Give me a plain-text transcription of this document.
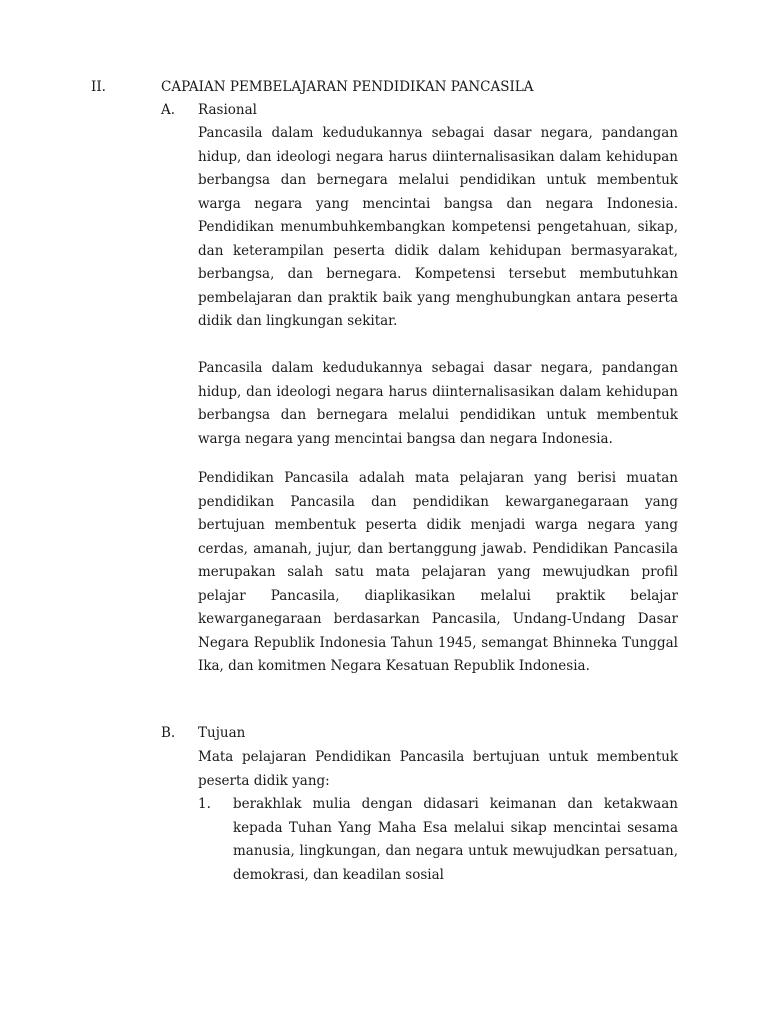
II.	CAPAIAN PEMBELAJARAN PENDIDIKAN PANCASILA
A. Rasional

Pancasila dalam kedudukannya sebagai dasar negara, pandangan hidup, dan ideologi negara harus diinternalisasikan dalam kehidupan berbangsa dan bernegara melalui pendidikan untuk membentuk warga negara yang mencintai bangsa dan negara Indonesia. Pendidikan menumbuhkembangkan kompetensi pengetahuan, sikap, dan keterampilan peserta didik dalam kehidupan bermasyarakat, berbangsa, dan bernegara. Kompetensi tersebut membutuhkan pembelajaran dan praktik baik yang menghubungkan antara peserta didik dan lingkungan sekitar.

Pancasila dalam kedudukannya sebagai dasar negara, pandangan hidup, dan ideologi negara harus diinternalisasikan dalam kehidupan berbangsa dan bernegara melalui pendidikan untuk membentuk warga negara yang mencintai bangsa dan negara Indonesia.

Pendidikan Pancasila adalah mata pelajaran yang berisi muatan pendidikan Pancasila dan pendidikan kewarganegaraan yang bertujuan membentuk peserta didik menjadi warga negara yang cerdas, amanah, jujur, dan bertanggung jawab. Pendidikan Pancasila merupakan salah satu mata pelajaran yang mewujudkan profil pelajar Pancasila, diaplikasikan melalui praktik belajar kewarganegaraan berdasarkan Pancasila, Undang-Undang Dasar Negara Republik Indonesia Tahun 1945, semangat Bhinneka Tunggal Ika, dan komitmen Negara Kesatuan Republik Indonesia.

B. Tujuan

Mata pelajaran Pendidikan Pancasila bertujuan untuk membentuk peserta didik yang:

1. berakhlak mulia dengan didasari keimanan dan ketakwaan kepada Tuhan Yang Maha Esa melalui sikap mencintai sesama manusia, lingkungan, dan negara untuk mewujudkan persatuan, demokrasi, dan keadilan sosial
